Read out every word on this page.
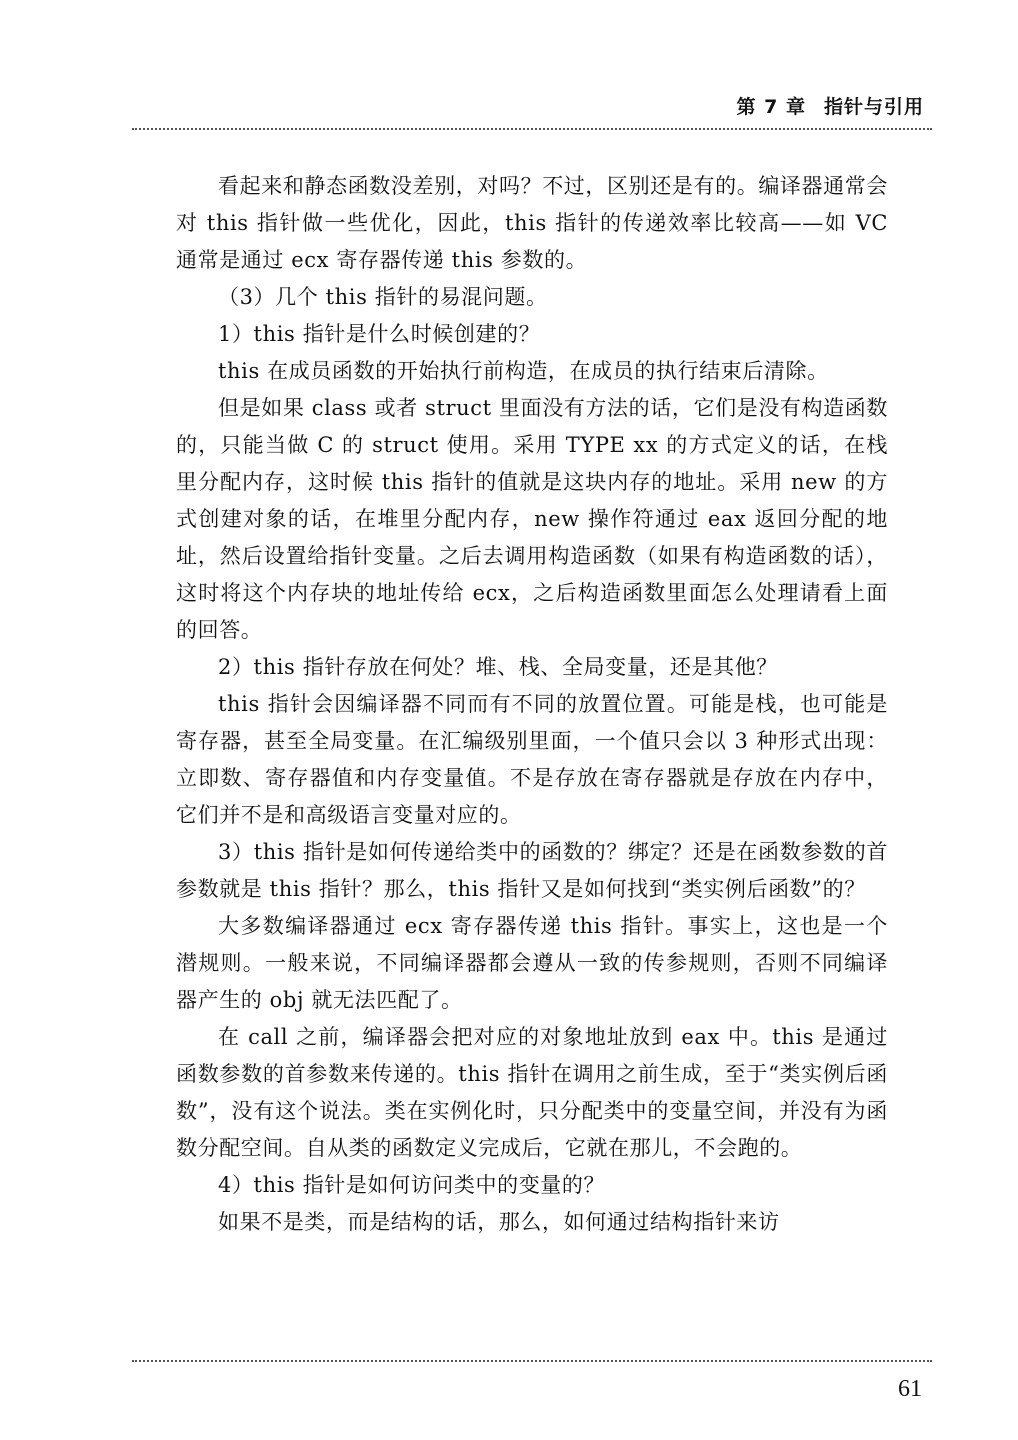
第 7 章 指针与引用

看起来和静态函数没差别，对吗？不过，区别还是有的。编译器通常会对 this 指针做一些优化，因此，this 指针的传递效率比较高——如 VC 通常是通过 ecx 寄存器传递 this 参数的。

（3）几个 this 指针的易混问题。

1）this 指针是什么时候创建的？

this 在成员函数的开始执行前构造，在成员的执行结束后清除。

但是如果 class 或者 struct 里面没有方法的话，它们是没有构造函数的，只能当做 C 的 struct 使用。采用 TYPE xx 的方式定义的话，在栈里分配内存，这时候 this 指针的值就是这块内存的地址。采用 new 的方式创建对象的话，在堆里分配内存，new 操作符通过 eax 返回分配的地址，然后设置给指针变量。之后去调用构造函数（如果有构造函数的话），这时将这个内存块的地址传给 ecx，之后构造函数里面怎么处理请看上面的回答。

2）this 指针存放在何处？堆、栈、全局变量，还是其他？

this 指针会因编译器不同而有不同的放置位置。可能是栈，也可能是寄存器，甚至全局变量。在汇编级别里面，一个值只会以 3 种形式出现：立即数、寄存器值和内存变量值。不是存放在寄存器就是存放在内存中，它们并不是和高级语言变量对应的。

3）this 指针是如何传递给类中的函数的？绑定？还是在函数参数的首参数就是 this 指针？那么，this 指针又是如何找到“类实例后函数”的？

大多数编译器通过 ecx 寄存器传递 this 指针。事实上，这也是一个潜规则。一般来说，不同编译器都会遵从一致的传参规则，否则不同编译器产生的 obj 就无法匹配了。

在 call 之前，编译器会把对应的对象地址放到 eax 中。this 是通过函数参数的首参数来传递的。this 指针在调用之前生成，至于“类实例后函数”，没有这个说法。类在实例化时，只分配类中的变量空间，并没有为函数分配空间。自从类的函数定义完成后，它就在那儿，不会跑的。

4）this 指针是如何访问类中的变量的？

如果不是类，而是结构的话，那么，如何通过结构指针来访

61
